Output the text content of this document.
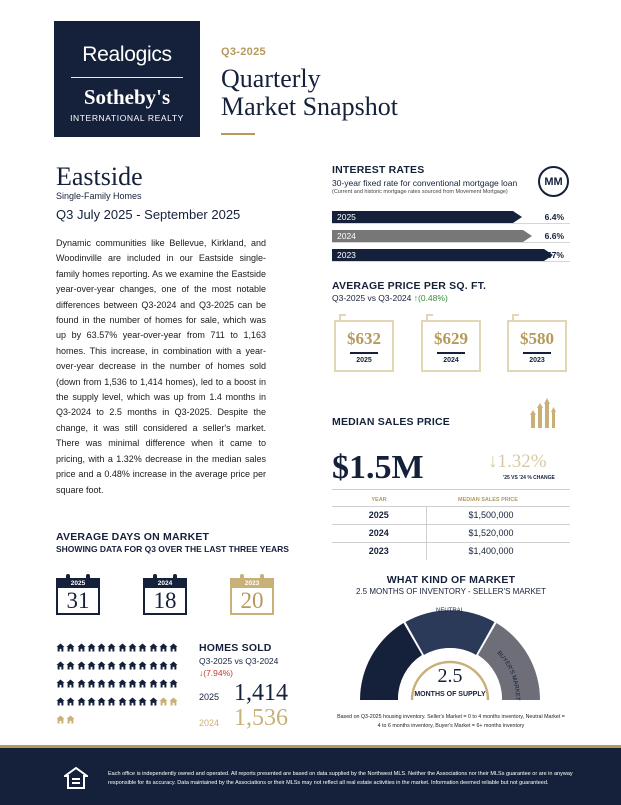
Realogics
Sotheby's
INTERNATIONAL REALTY
Q3-2025
Quarterly
Market Snapshot
Eastside
Single-Family Homes
Q3 July 2025 - September 2025
Dynamic communities like Bellevue, Kirkland, and Woodinville are included in our Eastside single-family homes reporting. As we examine the Eastside year-over-year changes, one of the most notable differences between Q3-2024 and Q3-2025 can be found in the number of homes for sale, which was up by 63.57% year-over-year from 711 to 1,163 homes. This increase, in combination with a year-over-year decrease in the number of homes sold (down from 1,536 to 1,414 homes), led to a boost in the supply level, which was up from 1.4 months in Q3-2024 to 2.5 months in Q3-2025. Despite the change, it was still considered a seller's market. There was minimal difference when it came to pricing, with a 1.32% decrease in the median sales price and a 0.48% increase in the average price per square foot.
INTEREST RATES
30-year fixed rate for conventional mortgage loan
(Current and historic mortgage rates sourced from Movement Mortgage)
MM
2025	6.4%
2024	6.6%
2023	7.57%
AVERAGE PRICE PER SQ. FT.
Q3-2025 vs Q3-2024 ↑(0.48%)
$632
2025
$629
2024
$580
2023
MEDIAN SALES PRICE
$1.5M	↓1.32%
'25 VS '24 % CHANGE
YEAR	MEDIAN SALES PRICE
2025	$1,500,000
2024	$1,520,000
2023	$1,400,000
WHAT KIND OF MARKET
2.5 MONTHS OF INVENTORY - SELLER'S MARKET
SELLER'S MARKE
NEUTRAL
BUYER'S MARKET
2.5
MONTHS OF SUPPLY
Based on Q3-2025 housing inventory. Seller's Market = 0 to 4 months inventory, Neutral Market = 4 to 6 months inventory, Buyer's Market = 6+ months inventory
AVERAGE DAYS ON MARKET
SHOWING DATA FOR Q3 OVER THE LAST THREE YEARS
2025
31
2024
18
2023
20
HOMES SOLD
Q3-2025 vs Q3-2024
↓(7.94%)
2025 1,414
2024 1,536
Each office is independently owned and operated. All reports presented are based on data supplied by the Northwest MLS. Neither the Associations nor their MLSs guarantee or are in anyway responsible for its accuracy. Data maintained by the Associations or their MLSs may not reflect all real estate activities in the market. Information deemed reliable but not guaranteed.
